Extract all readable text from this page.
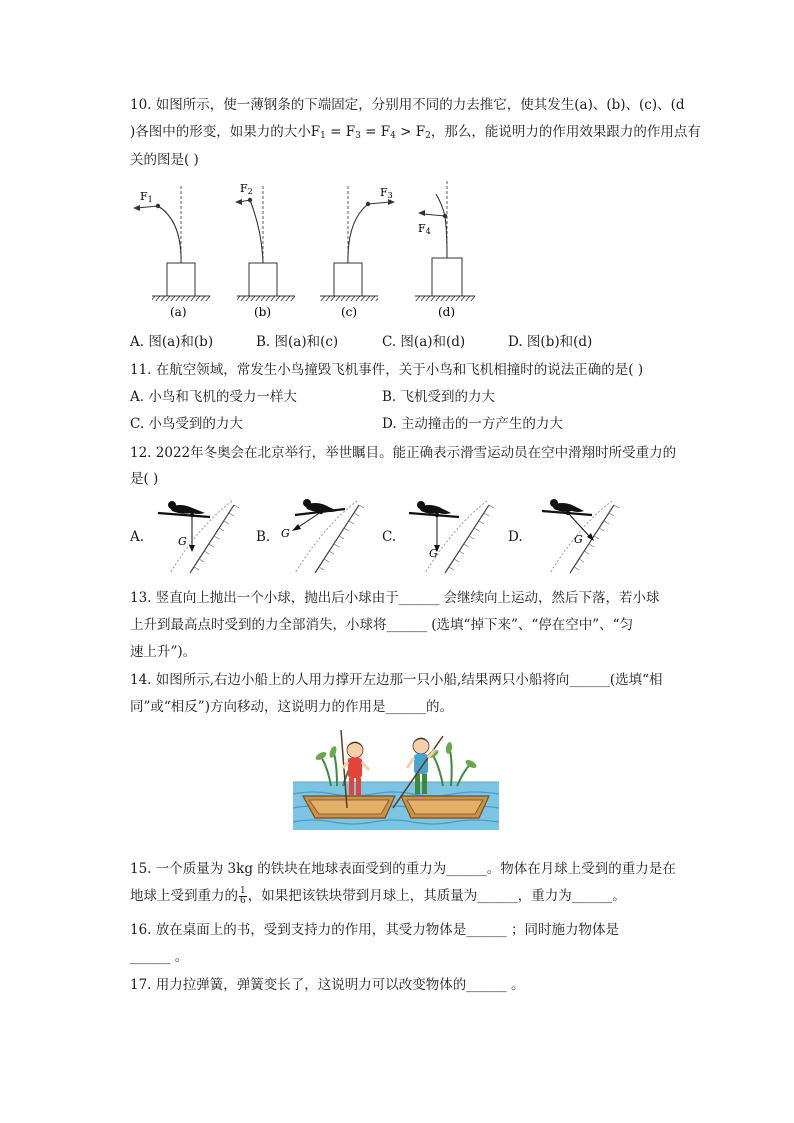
10. 如图所示，使一薄钢条的下端固定，分别用不同的力去推它，使其发生(a)、(b)、(c)、(d
)各图中的形变，如果力的大小$F_1 = F_3 = F_4 > F_2$，那么，能说明力的作用效果跟力的作用点有
关的图是( )
F1
(a)
F2
(b)
F3
(c)
F4
(d)
A. 图(a)和(b)	B. 图(a)和(c)	C. 图(a)和(d)	D. 图(b)和(d)
11. 在航空领域，常发生小鸟撞毁飞机事件，关于小鸟和飞机相撞时的说法正确的是( )
A. 小鸟和飞机的受力一样大	B. 飞机受到的力大
C. 小鸟受到的力大	D. 主动撞击的一方产生的力大
12. 2022年冬奥会在北京举行，举世瞩目。能正确表示滑雪运动员在空中滑翔时所受重力的
是( )
A.	B.	C.	D.
G
G
G
G
13. 竖直向上抛出一个小球，抛出后小球由于______ 会继续向上运动，然后下落，若小球
上升到最高点时受到的力全部消失，小球将______ (选填“掉下来”、“停在空中”、“匀
速上升”)。
14. 如图所示,右边小船上的人用力撑开左边那一只小船,结果两只小船将向______(选填“相
同”或“相反”)方向移动，这说明力的作用是______的。
15. 一个质量为 3kg 的铁块在地球表面受到的重力为______。物体在月球上受到的重力是在
地球上受到重力的 $\frac{1}{6}$ ，如果把该铁块带到月球上，其质量为______，重力为______。
16. 放在桌面上的书，受到支持力的作用，其受力物体是______ ；同时施力物体是
______ 。
17. 用力拉弹簧，弹簧变长了，这说明力可以改变物体的______ 。
